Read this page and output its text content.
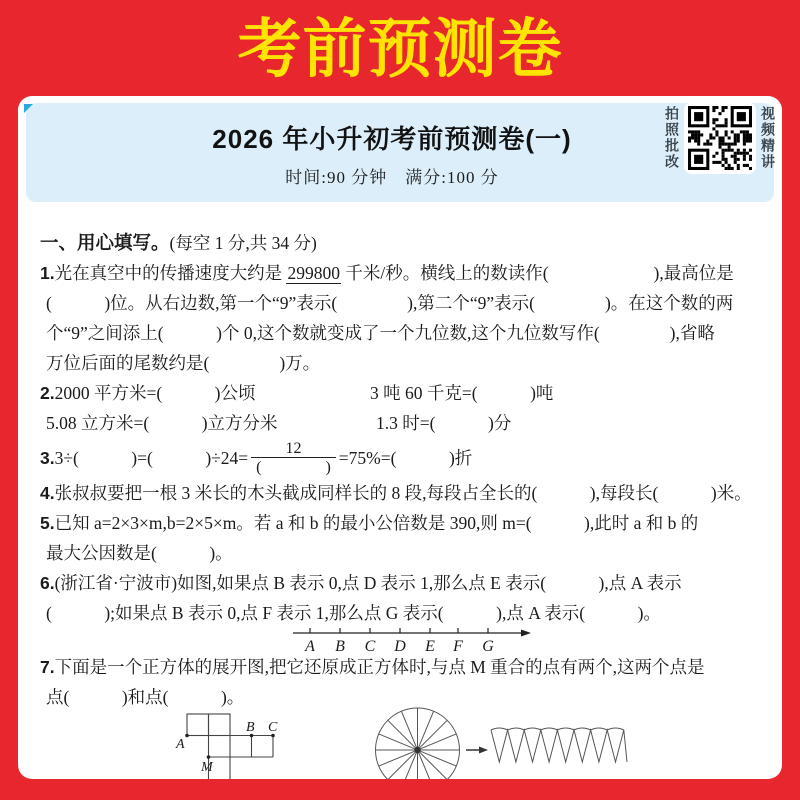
考前预测卷
2026 年小升初考前预测卷(一)
时间:90 分钟　满分:100 分
拍照批改	视频精讲
一、用心填写。(每空 1 分,共 34 分)
1.光在真空中的传播速度大约是 299800 千米/秒。横线上的数读作(　　　　　　),最高位是
(　　　)位。从右边数,第一个“9”表示(　　　　),第二个“9”表示(　　　　)。在这个数的两
个“9”之间添上(　　　)个 0,这个数就变成了一个九位数,这个九位数写作(　　　　),省略
万位后面的尾数约是(　　　　)万。
2.2000 平方米=(　　　)公顷	3 吨 60 千克=(　　　)吨
5.08 立方米=(　　　)立方分米	1.3 时=(　　　)分
3. 3÷(　　　)=(　　　)$\div 24= \frac{12}{( )} =75\%=$(　　　)折
4.张叔叔要把一根 3 米长的木头截成同样长的 8 段,每段占全长的(　　　),每段长(　　　)米。
5.已知 a=2×3×m,b=2×5×m。若 a 和 b 的最小公倍数是 390,则 m=(　　　),此时 a 和 b 的
最大公因数是(　　　)。
6.(浙江省·宁波市)如图,如果点 B 表示 0,点 D 表示 1,那么点 E 表示(　　　),点 A 表示
(　　　);如果点 B 表示 0,点 F 表示 1,那么点 G 表示(　　　),点 A 表示(　　　)。
A B C D E F G
7.下面是一个正方体的展开图,把它还原成正方体时,与点 M 重合的点有两个,这两个点是
点(　　　)和点(　　　)。
A
B C
M
